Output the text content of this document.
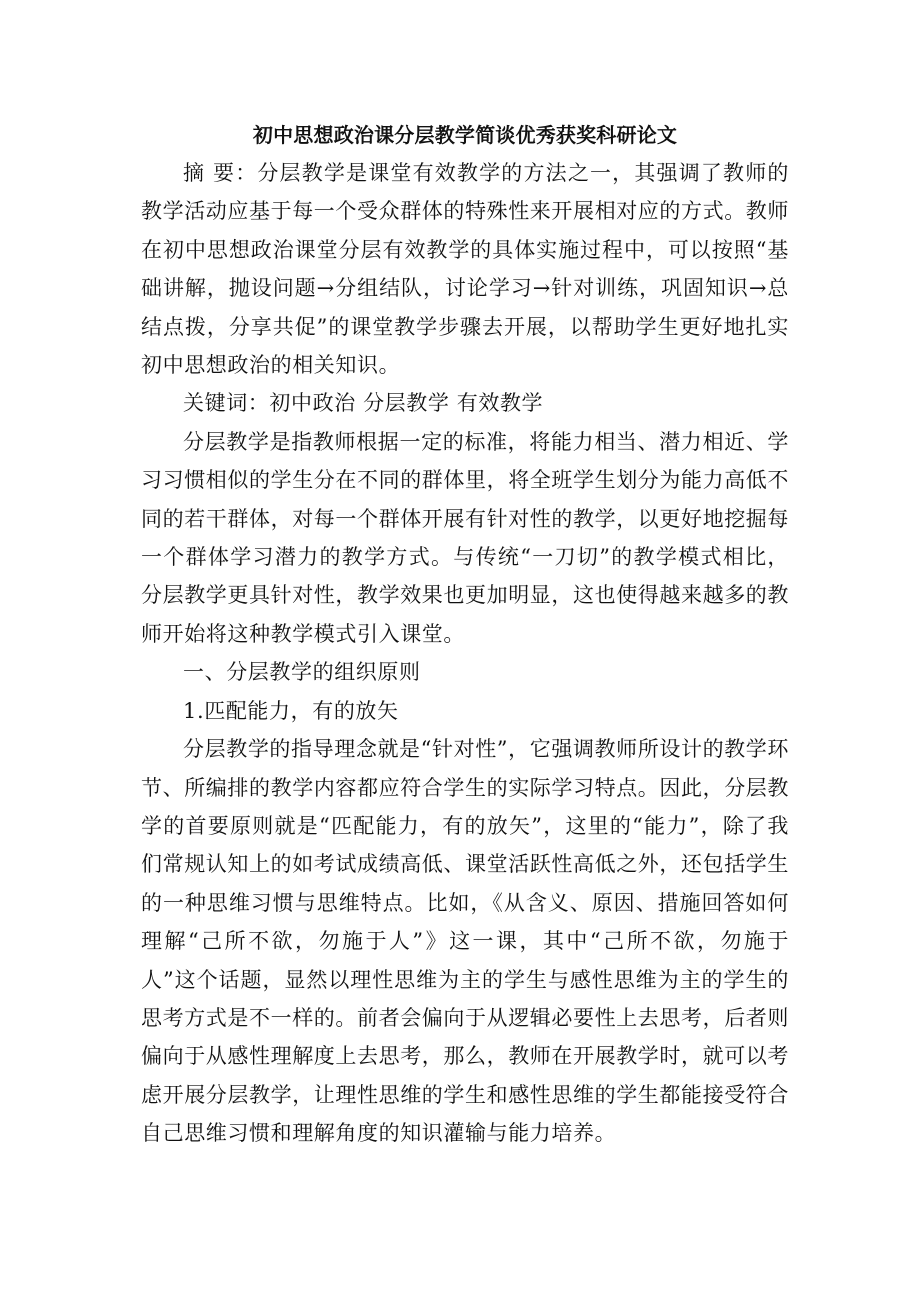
初中思想政治课分层教学简谈优秀获奖科研论文

摘 要：分层教学是课堂有效教学的方法之一，其强调了教师的教学活动应基于每一个受众群体的特殊性来开展相对应的方式。教师在初中思想政治课堂分层有效教学的具体实施过程中，可以按照“基础讲解，抛设问题→分组结队，讨论学习→针对训练，巩固知识→总结点拨，分享共促”的课堂教学步骤去开展，以帮助学生更好地扎实初中思想政治的相关知识。

关键词：初中政治 分层教学 有效教学

分层教学是指教师根据一定的标准，将能力相当、潜力相近、学习习惯相似的学生分在不同的群体里，将全班学生划分为能力高低不同的若干群体，对每一个群体开展有针对性的教学，以更好地挖掘每一个群体学习潜力的教学方式。与传统“一刀切”的教学模式相比，分层教学更具针对性，教学效果也更加明显，这也使得越来越多的教师开始将这种教学模式引入课堂。

一、分层教学的组织原则

1.匹配能力，有的放矢

分层教学的指导理念就是“针对性”，它强调教师所设计的教学环节、所编排的教学内容都应符合学生的实际学习特点。因此，分层教学的首要原则就是“匹配能力，有的放矢”，这里的“能力”，除了我们常规认知上的如考试成绩高低、课堂活跃性高低之外，还包括学生的一种思维习惯与思维特点。比如，《从含义、原因、措施回答如何理解“己所不欲，勿施于人”》这一课，其中“己所不欲，勿施于人”这个话题，显然以理性思维为主的学生与感性思维为主的学生的思考方式是不一样的。前者会偏向于从逻辑必要性上去思考，后者则偏向于从感性理解度上去思考，那么，教师在开展教学时，就可以考虑开展分层教学，让理性思维的学生和感性思维的学生都能接受符合自己思维习惯和理解角度的知识灌输与能力培养。
